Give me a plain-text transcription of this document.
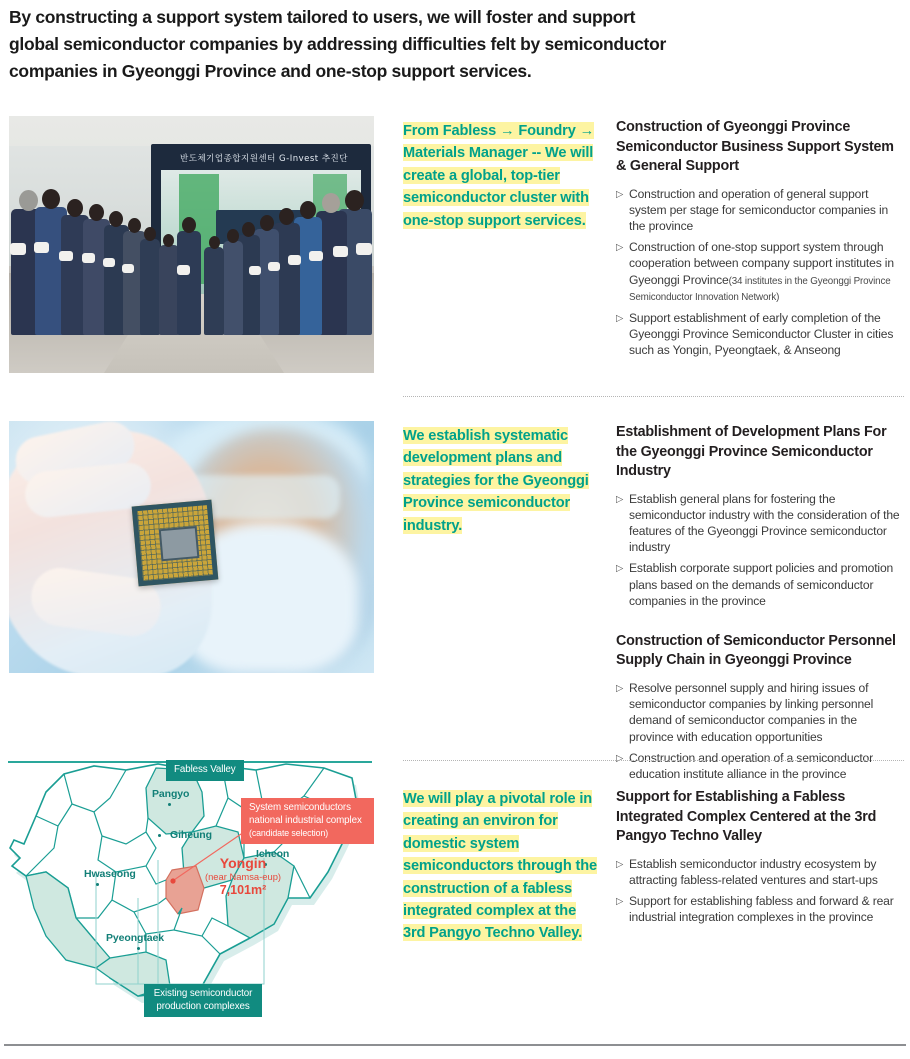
By constructing a support system tailored to users, we will foster and support
global semiconductor companies by addressing difficulties felt by semiconductor
companies in Gyeonggi Province and one-stop support services.
반도체기업종합지원센터 G-Invest 추진단
From Fabless → Foundry → Materials Manager -- We will create a global, top-tier semiconductor cluster with one-stop support services.
Construction of Gyeonggi Province Semiconductor Business Support System & General Support
▷ Construction and operation of general support system per stage for semiconductor companies in the province
▷ Construction of one-stop support system through cooperation between company support institutes in Gyeonggi Province(34 institutes in the Gyeonggi Province Semiconductor Innovation Network)
▷ Support establishment of early completion of the Gyeonggi Province Semiconductor Cluster in cities such as Yongin, Pyeongtaek, & Anseong
We establish systematic development plans and strategies for the Gyeonggi Province semiconductor industry.
Establishment of Development Plans For the Gyeonggi Province Semiconductor Industry
▷ Establish general plans for fostering the semiconductor industry with the consideration of the features of the Gyeonggi Province semiconductor industry
▷ Establish corporate support policies and promotion plans based on the demands of semiconductor companies in the province
Construction of Semiconductor Personnel Supply Chain in Gyeonggi Province
▷ Resolve personnel supply and hiring issues of semiconductor companies by linking personnel demand of semiconductor companies in the province with education opportunities
▷ Construction and operation of a semiconductor education institute alliance in the province
Fabless Valley
System semiconductors
national industrial complex
(candidate selection)
Existing semiconductor
production complexes
Pangyo
Giheung
Icheon
Hwaseong
Pyeongtaek
Yongin
(near Namsa-eup)
7,101m²
We will play a pivotal role in creating an environ for domestic system semiconductors through the construction of a fabless integrated complex at the 3rd Pangyo Techno Valley.
Support for Establishing a Fabless Integrated Complex Centered at the 3rd Pangyo Techno Valley
▷ Establish semiconductor industry ecosystem by attracting fabless-related ventures and start-ups
▷ Support for establishing fabless and forward & rear industrial integration complexes in the province
